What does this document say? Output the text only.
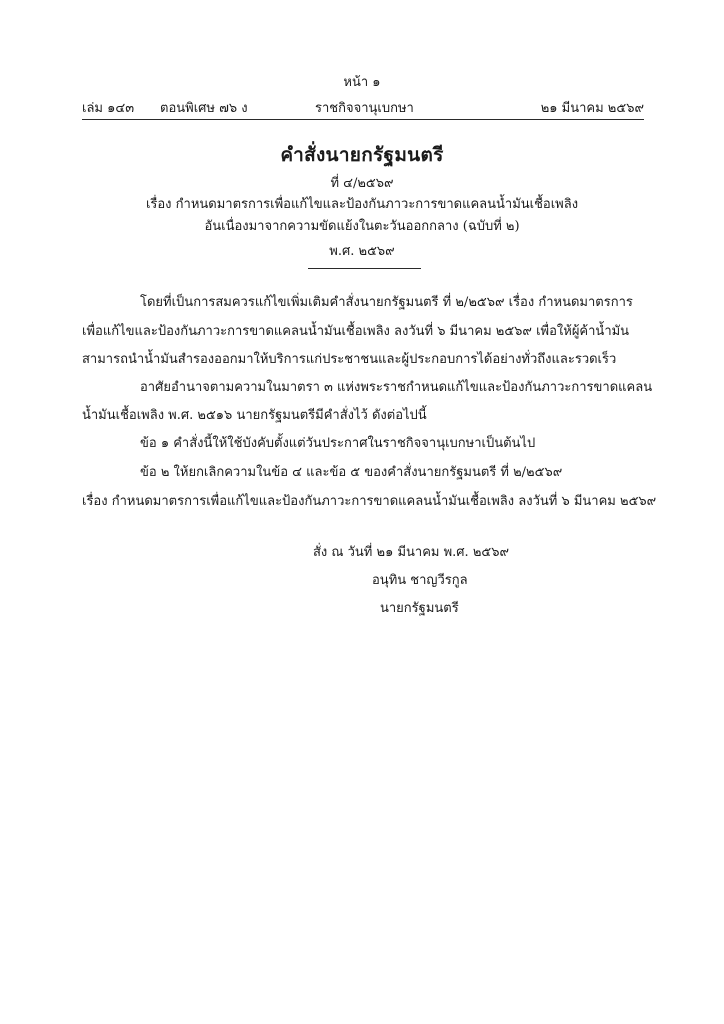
หน้า ๑
เล่ม ๑๔๓ ตอนพิเศษ ๗๖ ง	ราชกิจจานุเบกษา	๒๑ มีนาคม ๒๕๖๙
คำสั่งนายกรัฐมนตรี
ที่ ๔/๒๕๖๙
เรื่อง กำหนดมาตรการเพื่อแก้ไขและป้องกันภาวะการขาดแคลนน้ำมันเชื้อเพลิง
อันเนื่องมาจากความขัดแย้งในตะวันออกกลาง (ฉบับที่ ๒)
พ.ศ. ๒๕๖๙
โดยที่เป็นการสมควรแก้ไขเพิ่มเติมคำสั่งนายกรัฐมนตรี ที่ ๒/๒๕๖๙ เรื่อง กำหนดมาตรการ
เพื่อแก้ไขและป้องกันภาวะการขาดแคลนน้ำมันเชื้อเพลิง ลงวันที่ ๖ มีนาคม ๒๕๖๙ เพื่อให้ผู้ค้าน้ำมัน
สามารถนำน้ำมันสำรองออกมาให้บริการแก่ประชาชนและผู้ประกอบการได้อย่างทั่วถึงและรวดเร็ว
อาศัยอำนาจตามความในมาตรา ๓ แห่งพระราชกำหนดแก้ไขและป้องกันภาวะการขาดแคลน
น้ำมันเชื้อเพลิง พ.ศ. ๒๕๑๖ นายกรัฐมนตรีมีคำสั่งไว้ ดังต่อไปนี้
ข้อ ๑ คำสั่งนี้ให้ใช้บังคับตั้งแต่วันประกาศในราชกิจจานุเบกษาเป็นต้นไป
ข้อ ๒ ให้ยกเลิกความในข้อ ๔ และข้อ ๕ ของคำสั่งนายกรัฐมนตรี ที่ ๒/๒๕๖๙
เรื่อง กำหนดมาตรการเพื่อแก้ไขและป้องกันภาวะการขาดแคลนน้ำมันเชื้อเพลิง ลงวันที่ ๖ มีนาคม ๒๕๖๙
สั่ง ณ วันที่ ๒๑ มีนาคม พ.ศ. ๒๕๖๙
อนุทิน ชาญวีรกูล
นายกรัฐมนตรี
